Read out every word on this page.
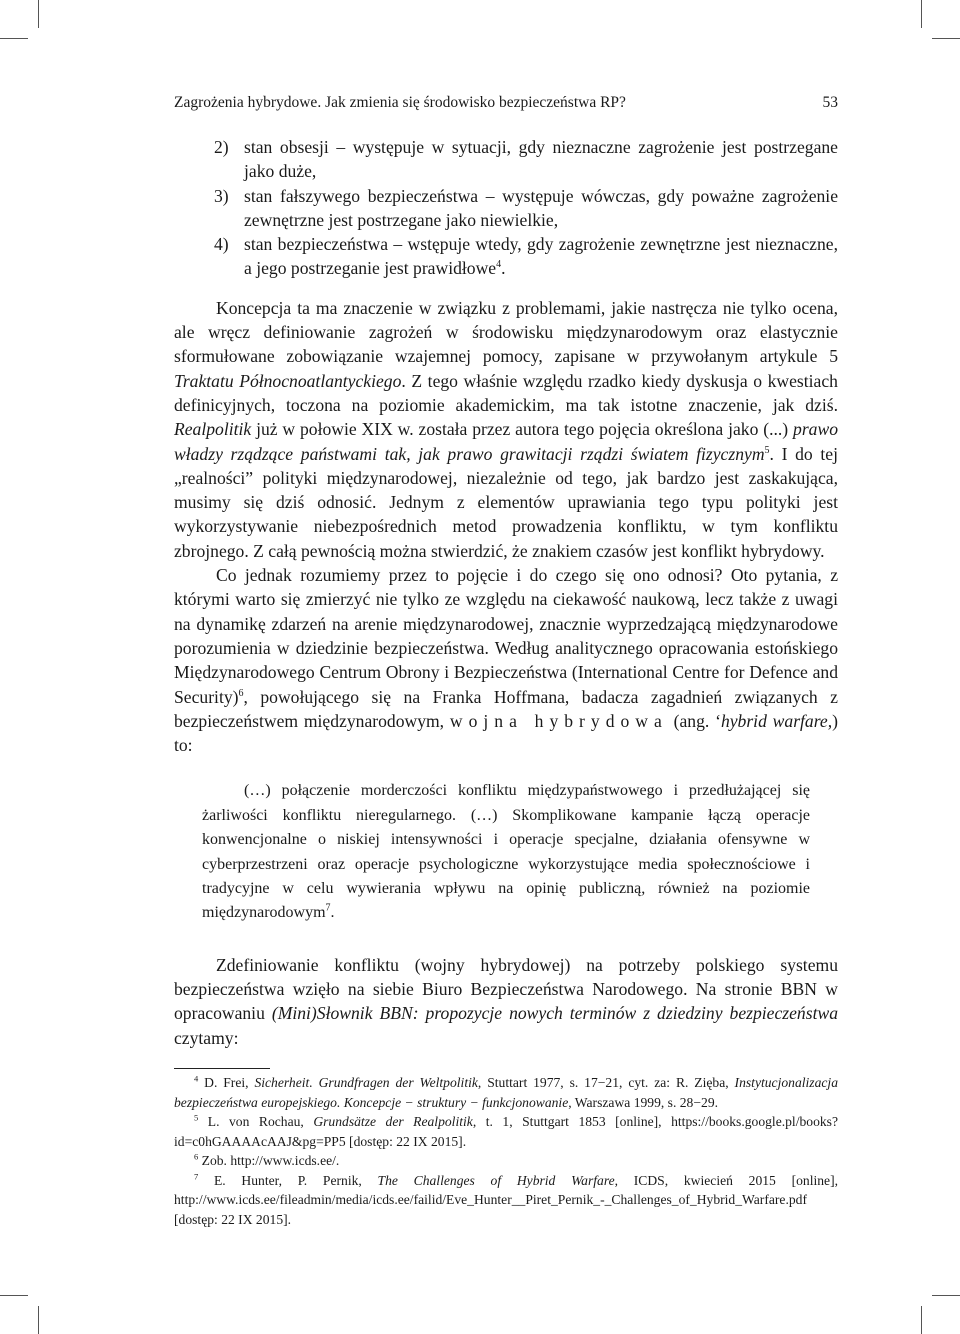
Zagrożenia hybrydowe. Jak zmienia się środowisko bezpieczeństwa RP?	53
2) stan obsesji – występuje w sytuacji, gdy nieznaczne zagrożenie jest postrzegane jako duże,
3) stan fałszywego bezpieczeństwa – występuje wówczas, gdy poważne zagrożenie zewnętrzne jest postrzegane jako niewielkie,
4) stan bezpieczeństwa – wstępuje wtedy, gdy zagrożenie zewnętrzne jest nieznaczne, a jego postrzeganie jest prawidłowe$^4$.

Koncepcja ta ma znaczenie w związku z problemami, jakie nastręcza nie tylko ocena, ale wręcz definiowanie zagrożeń w środowisku międzynarodowym oraz elastycznie sformułowane zobowiązanie wzajemnej pomocy, zapisane w przywołanym artykule 5 Traktatu Północnoatlantyckiego. Z tego właśnie względu rzadko kiedy dyskusja o kwestiach definicyjnych, toczona na poziomie akademickim, ma tak istotne znaczenie, jak dziś. Realpolitik już w połowie XIX w. została przez autora tego pojęcia określona jako (...) prawo władzy rządzące państwami tak, jak prawo grawitacji rządzi światem fizycznym$^5$. I do tej „realności” polityki międzynarodowej, niezależnie od tego, jak bardzo jest zaskakująca, musimy się dziś odnosić. Jednym z elementów uprawiania tego typu polityki jest wykorzystywanie niebezpośrednich metod prowadzenia konfliktu, w tym konfliktu zbrojnego. Z całą pewnością można stwierdzić, że znakiem czasów jest konflikt hybrydowy.

Co jednak rozumiemy przez to pojęcie i do czego się ono odnosi? Oto pytania, z którymi warto się zmierzyć nie tylko ze względu na ciekawość naukową, lecz także z uwagi na dynamikę zdarzeń na arenie międzynarodowej, znacznie wyprzedzającą międzynarodowe porozumienia w dziedzinie bezpieczeństwa. Według analitycznego opracowania estońskiego Międzynarodowego Centrum Obrony i Bezpieczeństwa (International Centre for Defence and Security)$^6$, powołującego się na Franka Hoffmana, badacza zagadnień związanych z bezpieczeństwem międzynarodowym, wojna hybrydowa (ang. ‘hybrid warfare,) to:

(…) połączenie morderczości konfliktu międzypaństwowego i przedłużającej się żarliwości konfliktu nieregularnego. (…) Skomplikowane kampanie łączą operacje konwencjonalne o niskiej intensywności i operacje specjalne, działania ofensywne w cyberprzestrzeni oraz operacje psychologiczne wykorzystujące media społecznościowe i tradycyjne w celu wywierania wpływu na opinię publiczną, również na poziomie międzynarodowym$^7$.

Zdefiniowanie konfliktu (wojny hybrydowej) na potrzeby polskiego systemu bezpieczeństwa wzięło na siebie Biuro Bezpieczeństwa Narodowego. Na stronie BBN w opracowaniu (Mini)Słownik BBN: propozycje nowych terminów z dziedziny bezpieczeństwa czytamy:

$^4$ D. Frei, Sicherheit. Grundfragen der Weltpolitik, Stuttart 1977, s. 17−21, cyt. za: R. Zięba, Instytucjonalizacja bezpieczeństwa europejskiego. Koncepcje − struktury − funkcjonowanie, Warszawa 1999, s. 28−29.

$^5$ L. von Rochau, Grundsätze der Realpolitik, t. 1, Stuttgart 1853 [online], https://books.google.pl/books?id=c0hGAAAAcAAJ&pg=PP5 [dostęp: 22 IX 2015].

$^6$ Zob. http://www.icds.ee/.

$^7$ E. Hunter, P. Pernik, The Challenges of Hybrid Warfare, ICDS, kwiecień 2015 [online], http://www.icds.ee/fileadmin/media/icds.ee/failid/Eve_Hunter__Piret_Pernik_-_Challenges_of_Hybrid_Warfare.pdf [dostęp: 22 IX 2015].
